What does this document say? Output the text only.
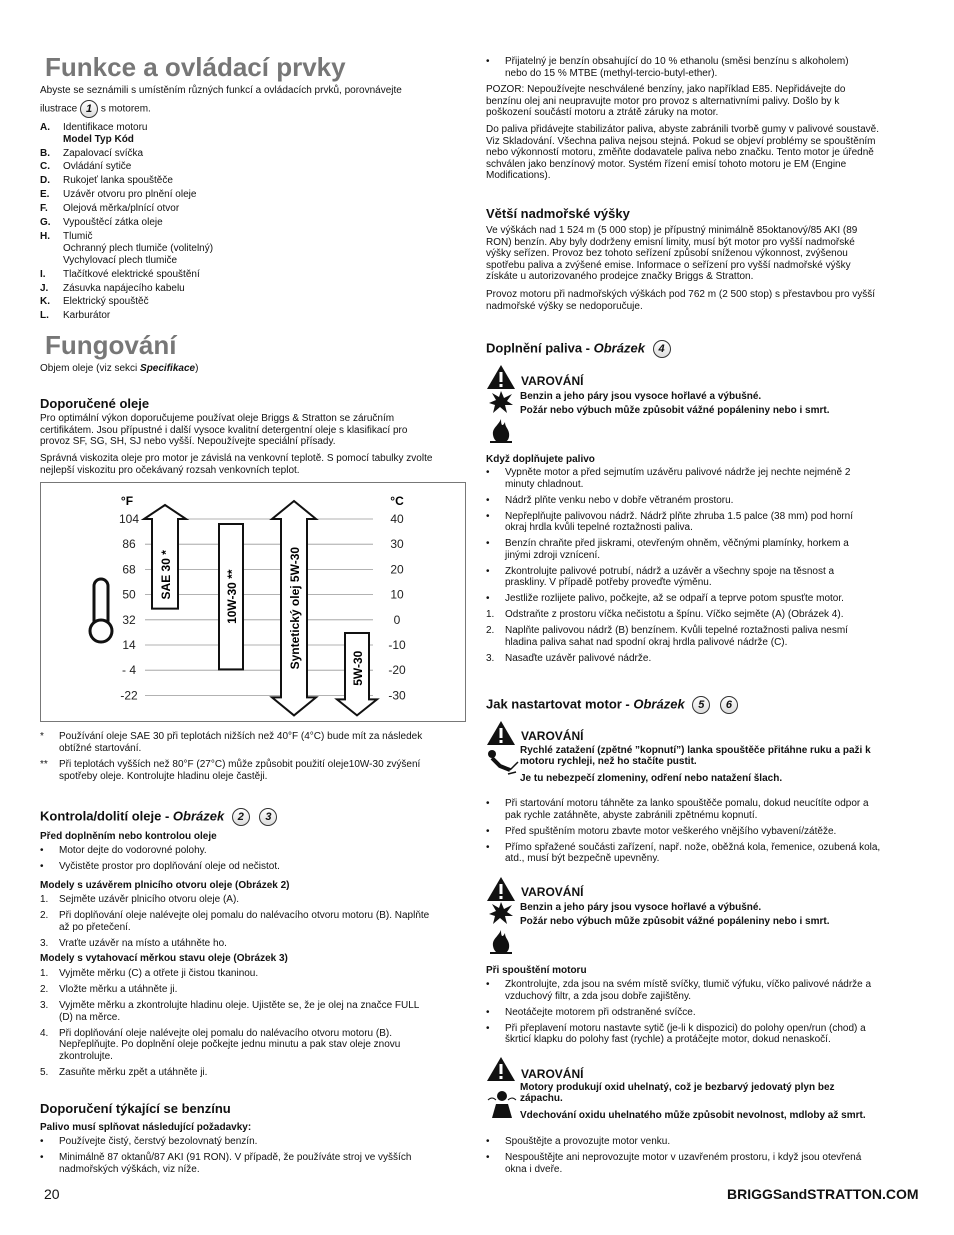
Funkce a ovládací prvky
Abyste se seznámili s umístěním různých funkcí a ovládacích prvků, porovnávejte
ilustrace 1 s motorem.
A. Identifikace motoru
Model Typ Kód
B. Zapalovací svíčka
C. Ovládání sytiče
D. Rukojeť lanka spouštěče
E. Uzávěr otvoru pro plnění oleje
F. Olejová měrka/plnící otvor
G. Vypouštěcí zátka oleje
H. Tlumič
Ochranný plech tlumiče (volitelný)
Vychylovací plech tlumiče
I. Tlačítkové elektrické spouštění
J. Zásuvka napájecího kabelu
K. Elektrický spouštěč
L. Karburátor
Fungování
Objem oleje (viz sekci Specifikace)
Doporučené oleje
Pro optimální výkon doporučujeme používat oleje Briggs & Stratton se záručním
certifikátem. Jsou přípustné i další vysoce kvalitní detergentní oleje s klasifikací pro
provoz SF, SG, SH, SJ nebo vyšší. Nepoužívejte speciální přísady.
Správná viskozita oleje pro motor je závislá na venkovní teplotě. S pomocí tabulky zvolte
nejlepší viskozitu pro očekávaný rozsah venkovních teplot.
°F	°C
104	40
86	30
68	20
50	10
32	0
14	-10
- 4	-20
-22	-30
SAE 30 *	10W-30 **	Syntetický olej 5W-30	5W-30
*	Používání oleje SAE 30 při teplotách nižších než 40°F (4°C) bude mít za následek
obtížné startování.
**	Při teplotách vyšších než 80°F (27°C) může způsobit použití oleje10W-30 zvýšení
spotřeby oleje. Kontrolujte hladinu oleje častěji.
Kontrola/dolití oleje - Obrázek 2 3
Před doplněním nebo kontrolou oleje
•	Motor dejte do vodorovné polohy.
•	Vyčistěte prostor pro doplňování oleje od nečistot.
Modely s uzávěrem plnicího otvoru oleje (Obrázek 2)
1.	Sejměte uzávěr plnicího otvoru oleje (A).
2.	Při doplňování oleje nalévejte olej pomalu do nalévacího otvoru motoru (B). Naplňte
až po přetečení.
3.	Vraťte uzávěr na místo a utáhněte ho.
Modely s vytahovací měrkou stavu oleje (Obrázek 3)
1.	Vyjměte měrku (C) a otřete ji čistou tkaninou.
2.	Vložte měrku a utáhněte ji.
3.	Vyjměte měrku a zkontrolujte hladinu oleje. Ujistěte se, že je olej na značce FULL
(D) na měrce.
4.	Při doplňování oleje nalévejte olej pomalu do nalévacího otvoru motoru (B).
Nepřeplňujte. Po doplnění oleje počkejte jednu minutu a pak stav oleje znovu
zkontrolujte.
5.	Zasuňte měrku zpět a utáhněte ji.
Doporučení týkající se benzínu
Palivo musí splňovat následující požadavky:
•	Používejte čistý, čerstvý bezolovnatý benzín.
•	Minimálně 87 oktanů/87 AKI (91 RON). V případě, že používáte stroj ve vyšších
nadmořských výškách, viz níže.
•	Přijatelný je benzín obsahující do 10 % ethanolu (směsi benzínu s alkoholem)
nebo do 15 % MTBE (methyl-tercio-butyl-ether).
POZOR: Nepoužívejte neschválené benzíny, jako například E85. Nepřidávejte do
benzínu olej ani neupravujte motor pro provoz s alternativními palivy. Došlo by k
poškození součástí motoru a ztrátě záruky na motor.
Do paliva přidávejte stabilizátor paliva, abyste zabránili tvorbě gumy v palivové soustavě.
Viz Skladování. Všechna paliva nejsou stejná. Pokud se objeví problémy se spouštěním
nebo výkonností motoru, změňte dodavatele paliva nebo značku. Tento motor je úředně
schválen jako benzínový motor. Systém řízení emisí tohoto motoru je EM (Engine
Modifications).
Větší nadmořské výšky
Ve výškách nad 1 524 m (5 000 stop) je přípustný minimálně 85oktanový/85 AKI (89
RON) benzín. Aby byly dodrženy emisní limity, musí být motor pro vyšší nadmořské
výšky seřízen. Provoz bez tohoto seřízení způsobí sníženou výkonnost, zvýšenou
spotřebu paliva a zvýšené emise. Informace o seřízení pro vyšší nadmořské výšky
získáte u autorizovaného prodejce značky Briggs & Stratton.
Provoz motoru při nadmořských výškách pod 762 m (2 500 stop) s přestavbou pro vyšší
nadmořské výšky se nedoporučuje.
Doplnění paliva - Obrázek 4
VAROVÁNÍ
Benzin a jeho páry jsou vysoce hořlavé a výbušné.
Požár nebo výbuch může způsobit vážné popáleniny nebo i smrt.
Když doplňujete palivo
•	Vypněte motor a před sejmutím uzávěru palivové nádrže jej nechte nejméně 2
minuty chladnout.
•	Nádrž plňte venku nebo v dobře větraném prostoru.
•	Nepřeplňujte palivovou nádrž. Nádrž plňte zhruba 1.5 palce (38 mm) pod horní
okraj hrdla kvůli tepelné roztažnosti paliva.
•	Benzín chraňte před jiskrami, otevřeným ohněm, věčnými plamínky, horkem a
jinými zdroji vznícení.
•	Zkontrolujte palivové potrubí, nádrž a uzávěr a všechny spoje na těsnost a
praskliny. V případě potřeby proveďte výměnu.
•	Jestliže rozlijete palivo, počkejte, až se odpaří a teprve potom spusťte motor.
1.	Odstraňte z prostoru víčka nečistotu a špínu. Víčko sejměte (A) (Obrázek 4).
2.	Naplňte palivovou nádrž (B) benzínem. Kvůli tepelné roztažnosti paliva nesmí
hladina paliva sahat nad spodní okraj hrdla palivové nádrže (C).
3.	Nasaďte uzávěr palivové nádrže.
Jak nastartovat motor - Obrázek 5 6
VAROVÁNÍ
Rychlé zatažení (zpětné ”kopnutí”) lanka spouštěče přitáhne ruku a paži k
motoru rychleji, než ho stačíte pustit.
Je tu nebezpečí zlomeniny, odření nebo natažení šlach.
•	Při startování motoru táhněte za lanko spouštěče pomalu, dokud neucítíte odpor a
pak rychle zatáhněte, abyste zabránili zpětnému kopnutí.
•	Před spuštěním motoru zbavte motor veškerého vnějšího vybavení/zátěže.
•	Přímo spřažené součásti zařízení, např. nože, oběžná kola, řemenice, ozubená kola,
atd., musí být bezpečně upevněny.
VAROVÁNÍ
Benzin a jeho páry jsou vysoce hořlavé a výbušné.
Požár nebo výbuch může způsobit vážné popáleniny nebo i smrt.
Při spouštění motoru
•	Zkontrolujte, zda jsou na svém místě svíčky, tlumič výfuku, víčko palivové nádrže a
vzduchový filtr, a zda jsou dobře zajištěny.
•	Neotáčejte motorem při odstraněné svíčce.
•	Při přeplavení motoru nastavte sytič (je-li k dispozici) do polohy open/run (chod) a
škrticí klapku do polohy fast (rychle) a protáčejte motor, dokud nenaskočí.
VAROVÁNÍ
Motory produkují oxid uhelnatý, což je bezbarvý jedovatý plyn bez
zápachu.
Vdechování oxidu uhelnatého může způsobit nevolnost, mdloby až smrt.
•	Spouštějte a provozujte motor venku.
•	Nespouštějte ani neprovozujte motor v uzavřeném prostoru, i když jsou otevřená
okna i dveře.
20	BRIGGSandSTRATTON.COM
